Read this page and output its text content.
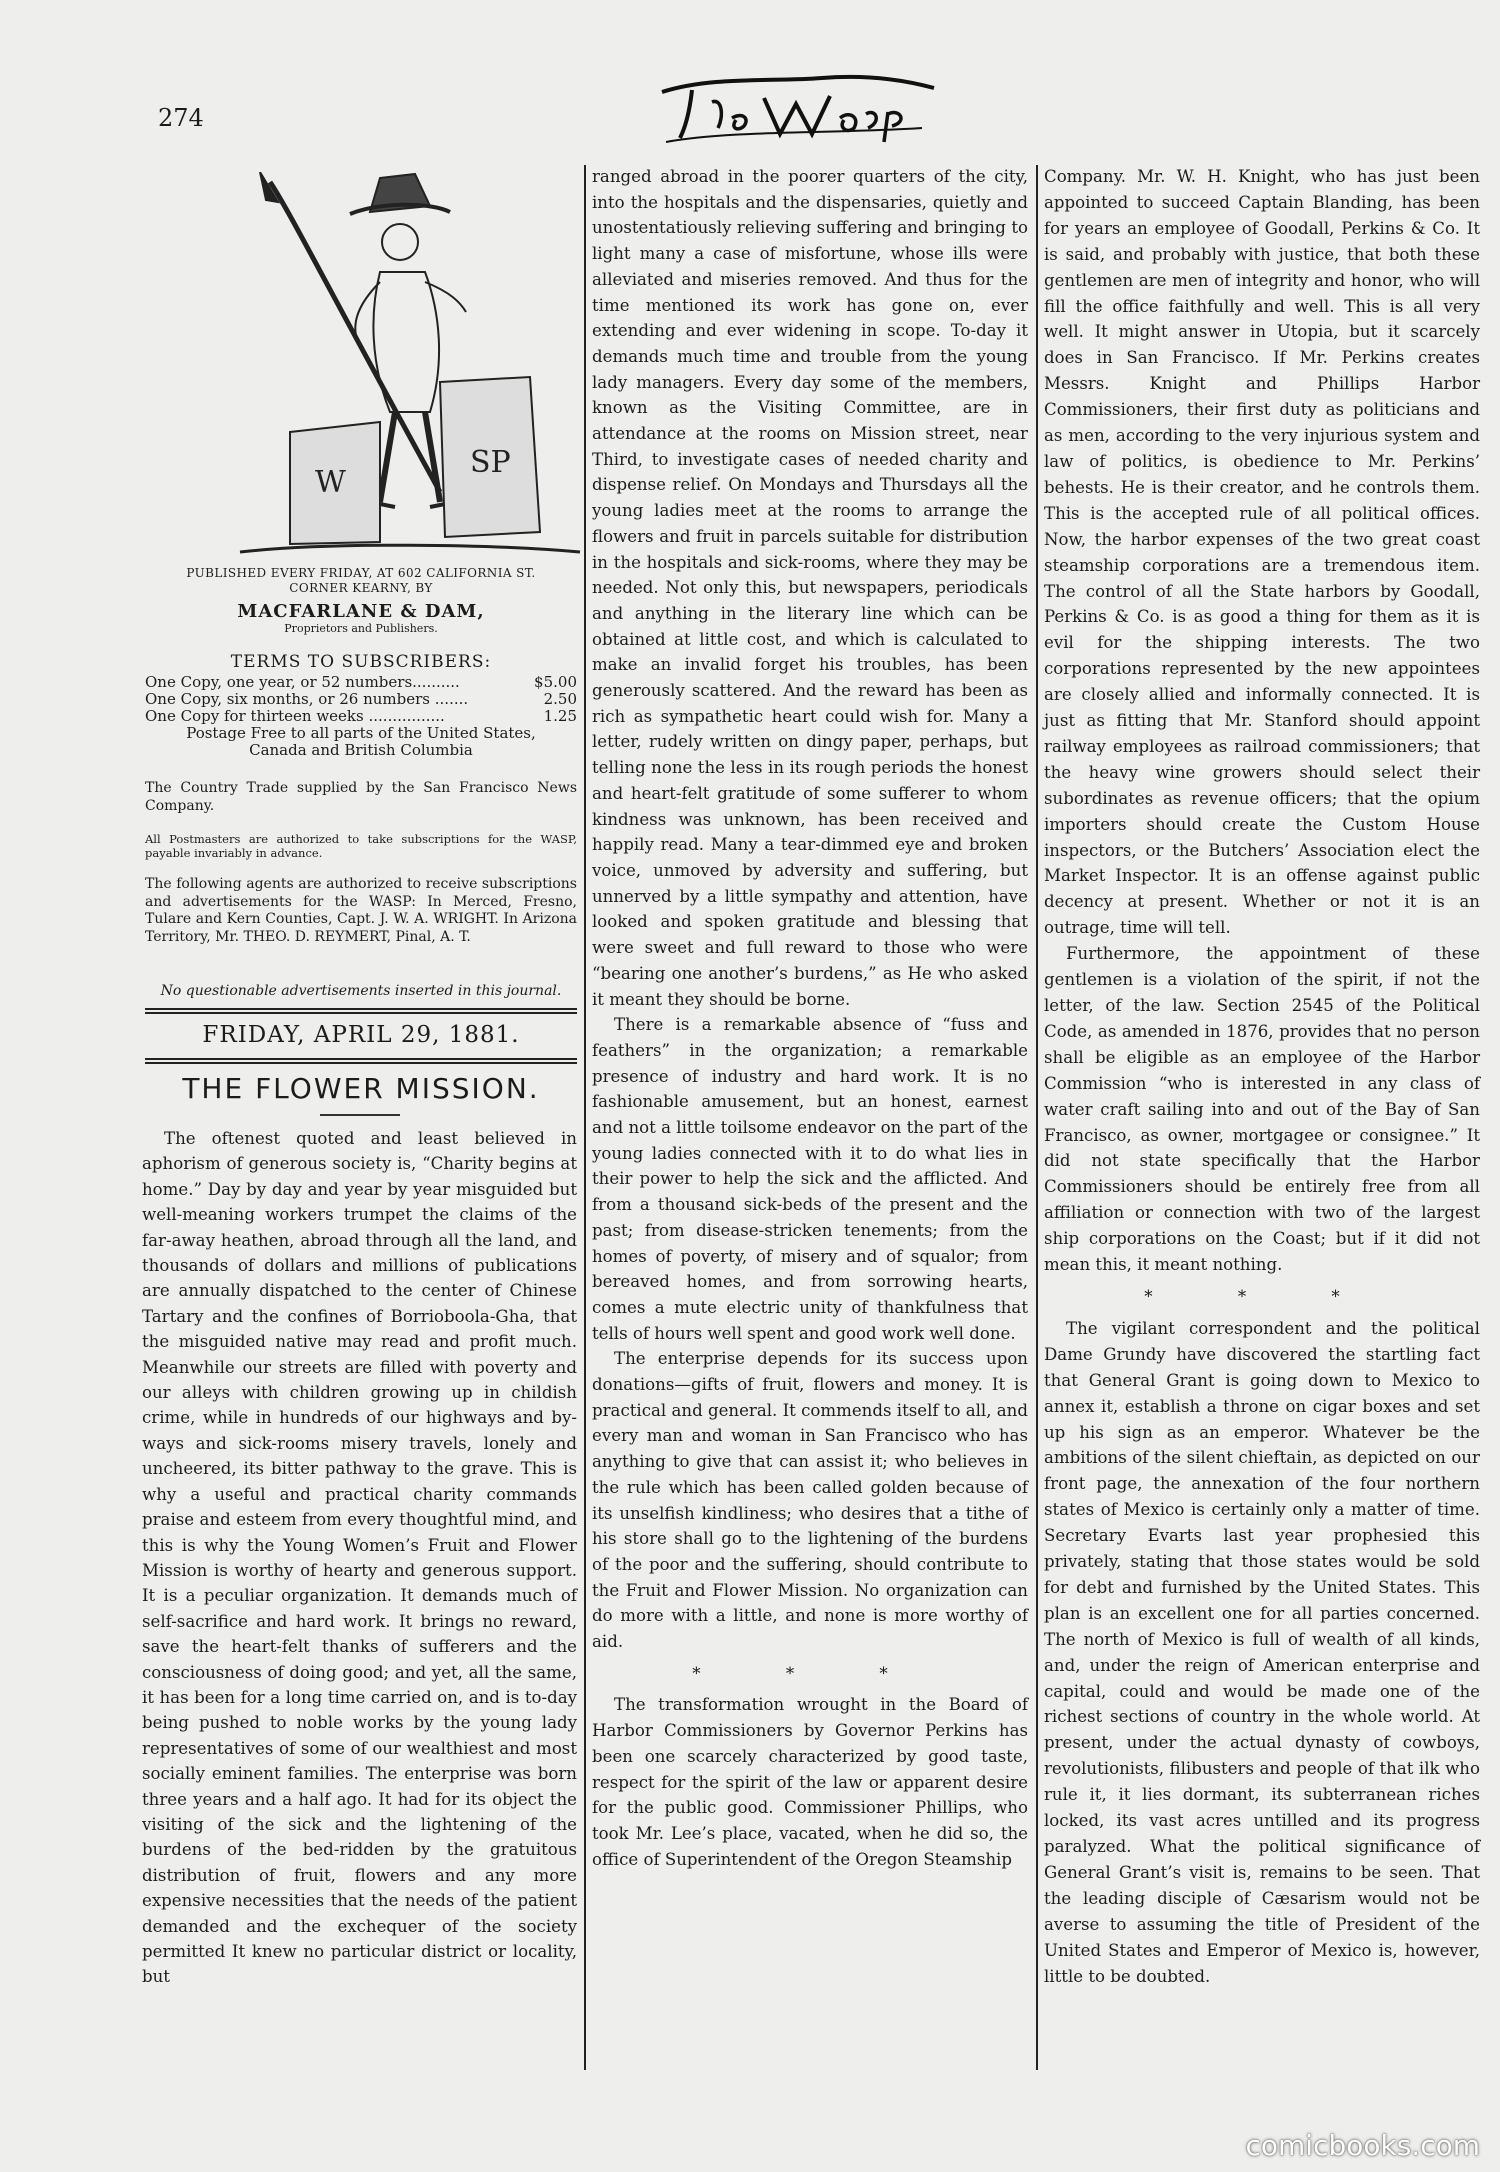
274
W
SP
PUBLISHED EVERY FRIDAY, AT 602 CALIFORNIA ST.
CORNER KEARNY, BY
MACFARLANE & DAM,
Proprietors and Publishers.
TERMS TO SUBSCRIBERS:
One Copy, one year, or 52 numbers..........	$5.00
One Copy, six months, or 26 numbers .......	2.50
One Copy for thirteen weeks ................	1.25
Postage Free to all parts of the United States, Canada and British Columbia
The Country Trade supplied by the San Francisco News Company.
All Postmasters are authorized to take subscriptions for the WASP, payable invariably in advance.
The following agents are authorized to receive subscriptions and advertisements for the WASP: In Merced, Fresno, Tulare and Kern Counties, Capt. J. W. A. WRIGHT. In Arizona Territory, Mr. THEO. D. REYMERT, Pinal, A. T.
No questionable advertisements inserted in this journal.
FRIDAY, APRIL 29, 1881.
THE FLOWER MISSION.

The oftenest quoted and least believed in aphorism of generous society is, “Charity begins at home.” Day by day and year by year misguided but well-meaning workers trumpet the claims of the far-away heathen, abroad through all the land, and thousands of dollars and millions of publications are annually dispatched to the center of Chinese Tartary and the confines of Borrioboola-Gha, that the misguided native may read and profit much. Meanwhile our streets are filled with poverty and our alleys with children growing up in childish crime, while in hundreds of our highways and by-ways and sick-rooms misery travels, lonely and uncheered, its bitter pathway to the grave. This is why a useful and practical charity commands praise and esteem from every thoughtful mind, and this is why the Young Women’s Fruit and Flower Mission is worthy of hearty and generous support. It is a peculiar organization. It demands much of self-sacrifice and hard work. It brings no reward, save the heart-felt thanks of sufferers and the consciousness of doing good; and yet, all the same, it has been for a long time carried on, and is to-day being pushed to noble works by the young lady representatives of some of our wealthiest and most socially eminent families. The enterprise was born three years and a half ago. It had for its object the visiting of the sick and the lightening of the burdens of the bed-ridden by the gratuitous distribution of fruit, flowers and any more expensive necessities that the needs of the patient demanded and the exchequer of the society permitted It knew no particular district or locality, but

ranged abroad in the poorer quarters of the city, into the hospitals and the dispensaries, quietly and unostentatiously relieving suffering and bringing to light many a case of misfortune, whose ills were alleviated and miseries removed. And thus for the time mentioned its work has gone on, ever extending and ever widening in scope. To-day it demands much time and trouble from the young lady managers. Every day some of the members, known as the Visiting Committee, are in attendance at the rooms on Mission street, near Third, to investigate cases of needed charity and dispense relief. On Mondays and Thursdays all the young ladies meet at the rooms to arrange the flowers and fruit in parcels suitable for distribution in the hospitals and sick-rooms, where they may be needed. Not only this, but newspapers, periodicals and anything in the literary line which can be obtained at little cost, and which is calculated to make an invalid forget his troubles, has been generously scattered. And the reward has been as rich as sympathetic heart could wish for. Many a letter, rudely written on dingy paper, perhaps, but telling none the less in its rough periods the honest and heart-felt gratitude of some sufferer to whom kindness was unknown, has been received and happily read. Many a tear-dimmed eye and broken voice, unmoved by adversity and suffering, but unnerved by a little sympathy and attention, have looked and spoken gratitude and blessing that were sweet and full reward to those who were “bearing one another’s burdens,” as He who asked it meant they should be borne.

There is a remarkable absence of “fuss and feathers” in the organization; a remarkable presence of industry and hard work. It is no fashionable amusement, but an honest, earnest and not a little toilsome endeavor on the part of the young ladies connected with it to do what lies in their power to help the sick and the afflicted. And from a thousand sick-beds of the present and the past; from disease-stricken tenements; from the homes of poverty, of misery and of squalor; from bereaved homes, and from sorrowing hearts, comes a mute electric unity of thankfulness that tells of hours well spent and good work well done.

The enterprise depends for its success upon donations—gifts of fruit, flowers and money. It is practical and general. It commends itself to all, and every man and woman in San Francisco who has anything to give that can assist it; who believes in the rule which has been called golden because of its unselfish kindliness; who desires that a tithe of his store shall go to the lightening of the burdens of the poor and the suffering, should contribute to the Fruit and Flower Mission. No organization can do more with a little, and none is more worthy of aid.

* * *

The transformation wrought in the Board of Harbor Commissioners by Governor Perkins has been one scarcely characterized by good taste, respect for the spirit of the law or apparent desire for the public good. Commissioner Phillips, who took Mr. Lee’s place, vacated, when he did so, the office of Superintendent of the Oregon Steamship

Company. Mr. W. H. Knight, who has just been appointed to succeed Captain Blanding, has been for years an employee of Goodall, Perkins & Co. It is said, and probably with justice, that both these gentlemen are men of integrity and honor, who will fill the office faithfully and well. This is all very well. It might answer in Utopia, but it scarcely does in San Francisco. If Mr. Perkins creates Messrs. Knight and Phillips Harbor Commissioners, their first duty as politicians and as men, according to the very injurious system and law of politics, is obedience to Mr. Perkins’ behests. He is their creator, and he controls them. This is the accepted rule of all political offices. Now, the harbor expenses of the two great coast steamship corporations are a tremendous item. The control of all the State harbors by Goodall, Perkins & Co. is as good a thing for them as it is evil for the shipping interests. The two corporations represented by the new appointees are closely allied and informally connected. It is just as fitting that Mr. Stanford should appoint railway employees as railroad commissioners; that the heavy wine growers should select their subordinates as revenue officers; that the opium importers should create the Custom House inspectors, or the Butchers’ Association elect the Market Inspector. It is an offense against public decency at present. Whether or not it is an outrage, time will tell.

Furthermore, the appointment of these gentlemen is a violation of the spirit, if not the letter, of the law. Section 2545 of the Political Code, as amended in 1876, provides that no person shall be eligible as an employee of the Harbor Commission “who is interested in any class of water craft sailing into and out of the Bay of San Francisco, as owner, mortgagee or consignee.” It did not state specifically that the Harbor Commissioners should be entirely free from all affiliation or connection with two of the largest ship corporations on the Coast; but if it did not mean this, it meant nothing.

* * *

The vigilant correspondent and the political Dame Grundy have discovered the startling fact that General Grant is going down to Mexico to annex it, establish a throne on cigar boxes and set up his sign as an emperor. Whatever be the ambitions of the silent chieftain, as depicted on our front page, the annexation of the four northern states of Mexico is certainly only a matter of time. Secretary Evarts last year prophesied this privately, stating that those states would be sold for debt and furnished by the United States. This plan is an excellent one for all parties concerned. The north of Mexico is full of wealth of all kinds, and, under the reign of American enterprise and capital, could and would be made one of the richest sections of country in the whole world. At present, under the actual dynasty of cowboys, revolutionists, filibusters and people of that ilk who rule it, it lies dormant, its subterranean riches locked, its vast acres untilled and its progress paralyzed. What the political significance of General Grant’s visit is, remains to be seen. That the leading disciple of Cæsarism would not be averse to assuming the title of President of the United States and Emperor of Mexico is, however, little to be doubted.

comicbooks.com
